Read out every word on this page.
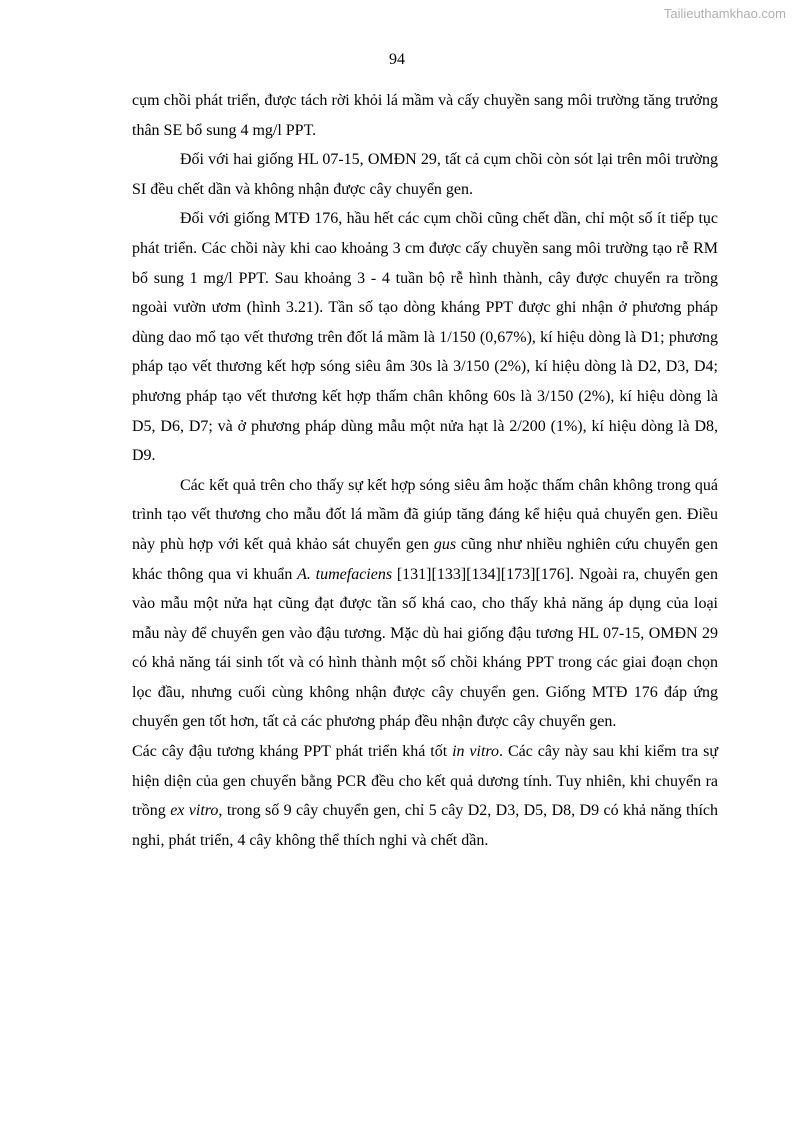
Tailieuthamkhao.com
94

cụm chồi phát triển, được tách rời khỏi lá mầm và cấy chuyền sang môi trường tăng trưởng thân SE bổ sung 4 mg/l PPT.

Đối với hai giống HL 07-15, OMĐN 29, tất cả cụm chồi còn sót lại trên môi trường SI đều chết dần và không nhận được cây chuyển gen.

Đối với giống MTĐ 176, hầu hết các cụm chồi cũng chết dần, chỉ một số ít tiếp tục phát triển. Các chồi này khi cao khoảng 3 cm được cấy chuyền sang môi trường tạo rễ RM bổ sung 1 mg/l PPT. Sau khoảng 3 - 4 tuần bộ rễ hình thành, cây được chuyển ra trồng ngoài vườn ươm (hình 3.21). Tần số tạo dòng kháng PPT được ghi nhận ở phương pháp dùng dao mổ tạo vết thương trên đốt lá mầm là 1/150 (0,67%), kí hiệu dòng là D1; phương pháp tạo vết thương kết hợp sóng siêu âm 30s là 3/150 (2%), kí hiệu dòng là D2, D3, D4; phương pháp tạo vết thương kết hợp thấm chân không 60s là 3/150 (2%), kí hiệu dòng là D5, D6, D7; và ở phương pháp dùng mẫu một nửa hạt là 2/200 (1%), kí hiệu dòng là D8, D9.

Các kết quả trên cho thấy sự kết hợp sóng siêu âm hoặc thấm chân không trong quá trình tạo vết thương cho mẫu đốt lá mầm đã giúp tăng đáng kể hiệu quả chuyển gen. Điều này phù hợp với kết quả khảo sát chuyển gen gus cũng như nhiều nghiên cứu chuyển gen khác thông qua vi khuẩn A. tumefaciens [131][133][134][173][176]. Ngoài ra, chuyển gen vào mẫu một nửa hạt cũng đạt được tần số khá cao, cho thấy khả năng áp dụng của loại mẫu này để chuyển gen vào đậu tương. Mặc dù hai giống đậu tương HL 07-15, OMĐN 29 có khả năng tái sinh tốt và có hình thành một số chồi kháng PPT trong các giai đoạn chọn lọc đầu, nhưng cuối cùng không nhận được cây chuyển gen. Giống MTĐ 176 đáp ứng chuyển gen tốt hơn, tất cả các phương pháp đều nhận được cây chuyển gen.

Các cây đậu tương kháng PPT phát triển khá tốt in vitro. Các cây này sau khi kiểm tra sự hiện diện của gen chuyển bằng PCR đều cho kết quả dương tính. Tuy nhiên, khi chuyển ra trồng ex vitro, trong số 9 cây chuyển gen, chỉ 5 cây D2, D3, D5, D8, D9 có khả năng thích nghi, phát triển, 4 cây không thể thích nghi và chết dần.
